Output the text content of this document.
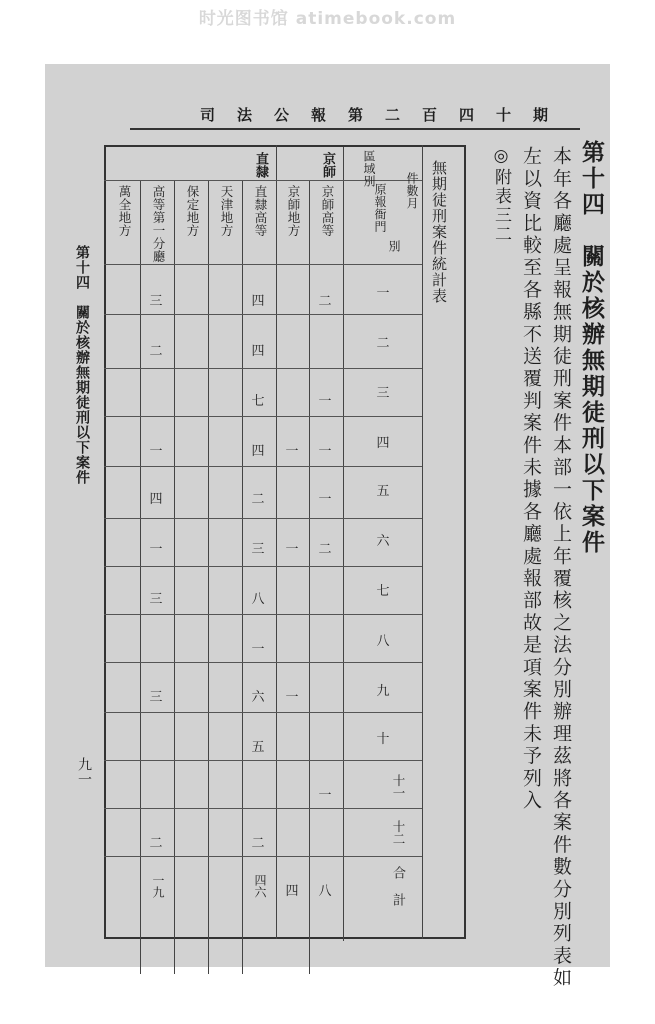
时光图书馆 atimebook.com
司法公報第二百四十期
第十四　關於核辦無期徒刑以下案件
本年各廳處呈報無期徒刑案件本部一依上年覆核之法分別辦理茲將各案件數分別列表如
左以資比較至各縣不送覆判案件未據各廳處報部故是項案件未予列入
◎附表三二
第十四　關於核辦無期徒刑以下案件
九一
無期徒刑案件統計表
件數月
原報衙門
區域別
別
京師
直隸
京師高等
京師地方
直隸高等
天津地方
保定地方
高等第一分廳
萬全地方
一
二
三
四
五
六
七
八
九
十
十一
十二
合計
二
一
一
一
二
一
八
一
一
一
四
四
四
七
四
二
三
八
一
六
五
二
四六
三
二
一
四
一
三
三
二
一九
